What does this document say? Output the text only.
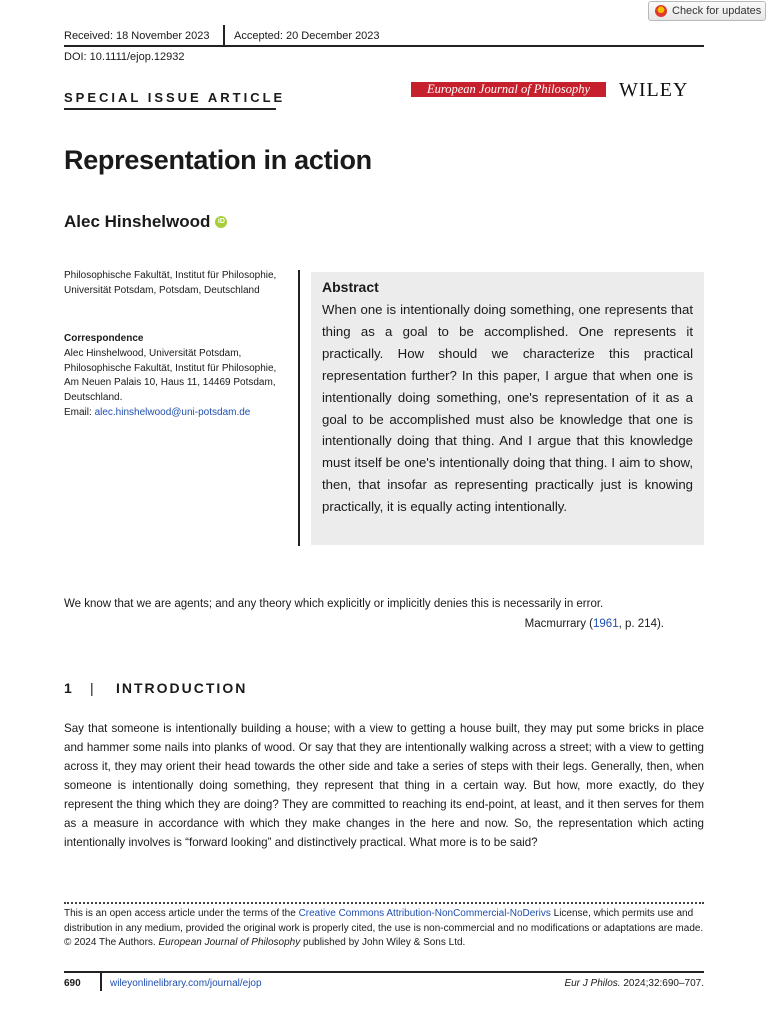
Check for updates
Received: 18 November 2023 Accepted: 20 December 2023
DOI: 10.1111/ejop.12932
SPECIAL ISSUE ARTICLE
European Journal of Philosophy	WILEY
Representation in action
Alec Hinshelwood	iD
Philosophische Fakultät, Institut für Philosophie, Universität Potsdam, Potsdam, Deutschland
Correspondence
Alec Hinshelwood, Universität Potsdam, Philosophische Fakultät, Institut für Philosophie, Am Neuen Palais 10, Haus 11, 14469 Potsdam, Deutschland.
Email: alec.hinshelwood@uni-potsdam.de
Abstract

When one is intentionally doing something, one represents that thing as a goal to be accomplished. One represents it practically. How should we characterize this practical representation further? In this paper, I argue that when one is intentionally doing something, one's representation of it as a goal to be accomplished must also be knowledge that one is intentionally doing that thing. And I argue that this knowledge must itself be one's intentionally doing that thing. I aim to show, then, that insofar as representing practically just is knowing practically, it is equally acting intentionally.

We know that we are agents; and any theory which explicitly or implicitly denies this is necessarily in error.
Macmurrary (1961, p. 214).
1	|	INTRODUCTION

Say that someone is intentionally building a house; with a view to getting a house built, they may put some bricks in place and hammer some nails into planks of wood. Or say that they are intentionally walking across a street; with a view to getting across it, they may orient their head towards the other side and take a series of steps with their legs. Generally, then, when someone is intentionally doing something, they represent that thing in a certain way. But how, more exactly, do they represent the thing which they are doing? They are committed to reaching its end-point, at least, and it then serves for them as a measure in accordance with which they make changes in the here and now. So, the representation which acting intentionally involves is “forward looking” and distinctively practical. What more is to be said?

This is an open access article under the terms of the Creative Commons Attribution-NonCommercial-NoDerivs License, which permits use and distribution in any medium, provided the original work is properly cited, the use is non-commercial and no modifications or adaptations are made.
© 2024 The Authors. European Journal of Philosophy published by John Wiley & Sons Ltd.
690	wileyonlinelibrary.com/journal/ejop	Eur J Philos. 2024;32:690–707.
